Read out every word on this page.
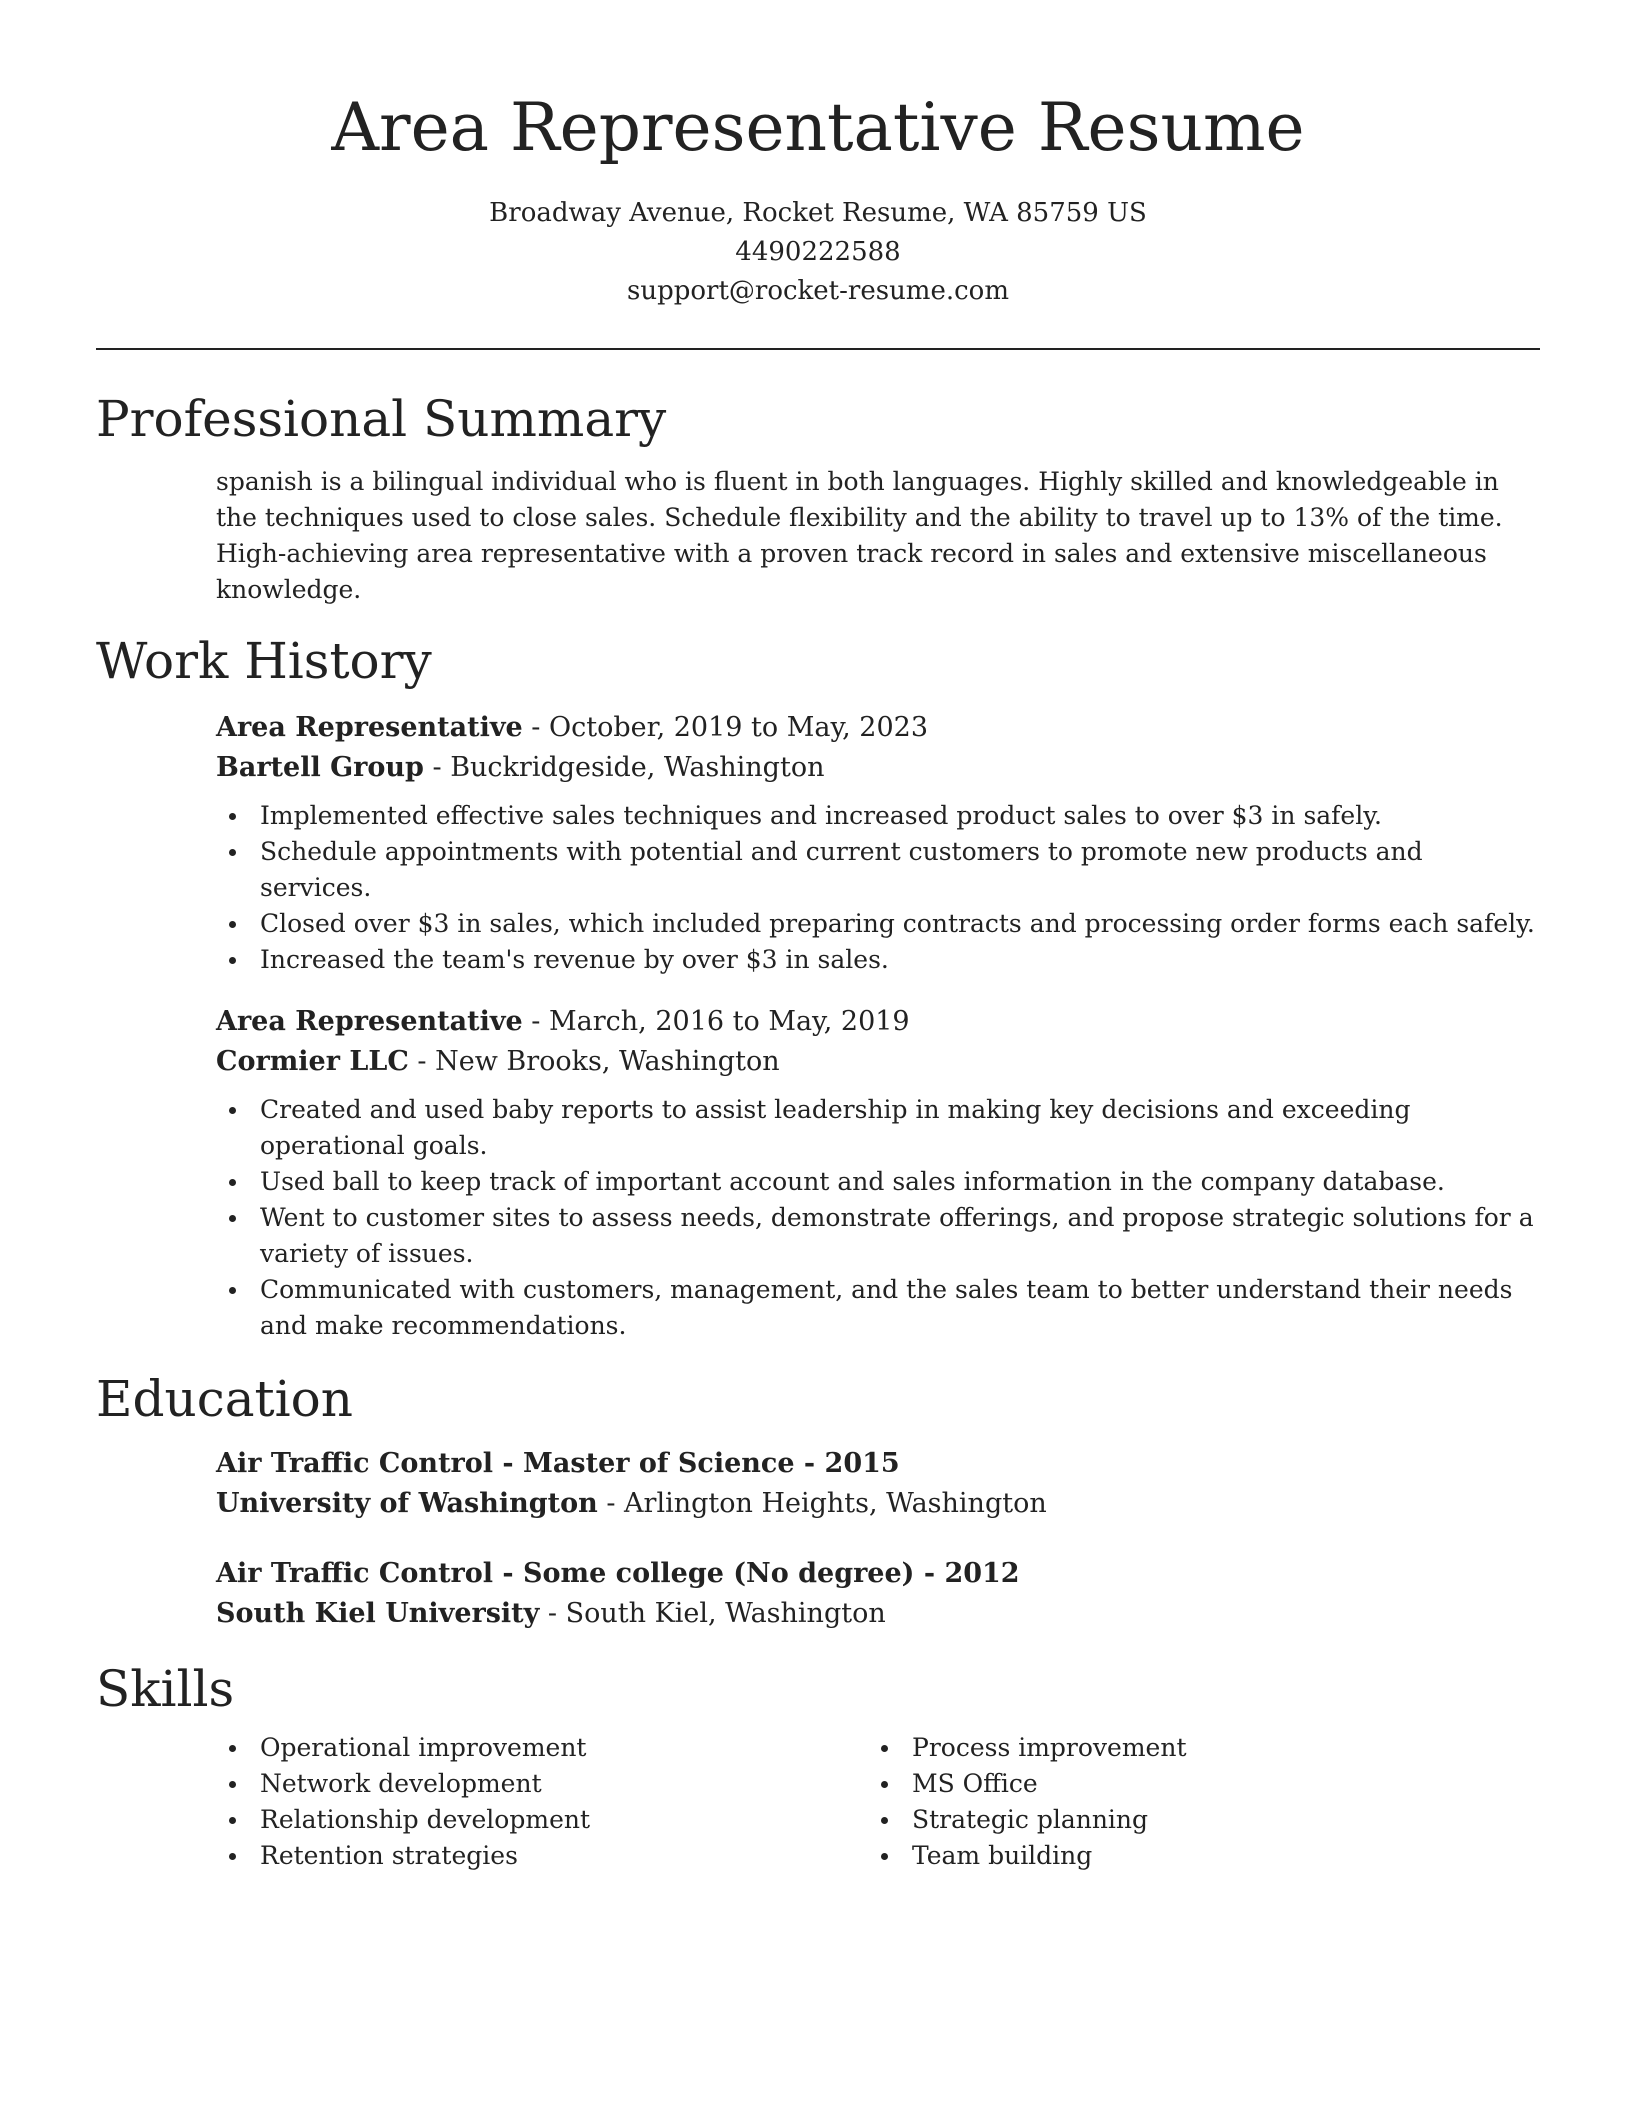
Area Representative Resume
Broadway Avenue, Rocket Resume, WA 85759 US
4490222588
support@rocket-resume.com
Professional Summary
spanish is a bilingual individual who is fluent in both languages. Highly skilled and knowledgeable in the techniques used to close sales. Schedule flexibility and the ability to travel up to 13% of the time. High-achieving area representative with a proven track record in sales and extensive miscellaneous knowledge.
Work History
Area Representative - October, 2019 to May, 2023
Bartell Group - Buckridgeside, Washington
Implemented effective sales techniques and increased product sales to over $3 in safely.
Schedule appointments with potential and current customers to promote new products and services.
Closed over $3 in sales, which included preparing contracts and processing order forms each safely.
Increased the team's revenue by over $3 in sales.
Area Representative - March, 2016 to May, 2019
Cormier LLC - New Brooks, Washington
Created and used baby reports to assist leadership in making key decisions and exceeding operational goals.
Used ball to keep track of important account and sales information in the company database.
Went to customer sites to assess needs, demonstrate offerings, and propose strategic solutions for a variety of issues.
Communicated with customers, management, and the sales team to better understand their needs and make recommendations.
Education
Air Traffic Control - Master of Science - 2015
University of Washington - Arlington Heights, Washington
Air Traffic Control - Some college (No degree) - 2012
South Kiel University - South Kiel, Washington
Skills
Operational improvement
Network development
Relationship development
Retention strategies
Process improvement
MS Office
Strategic planning
Team building
